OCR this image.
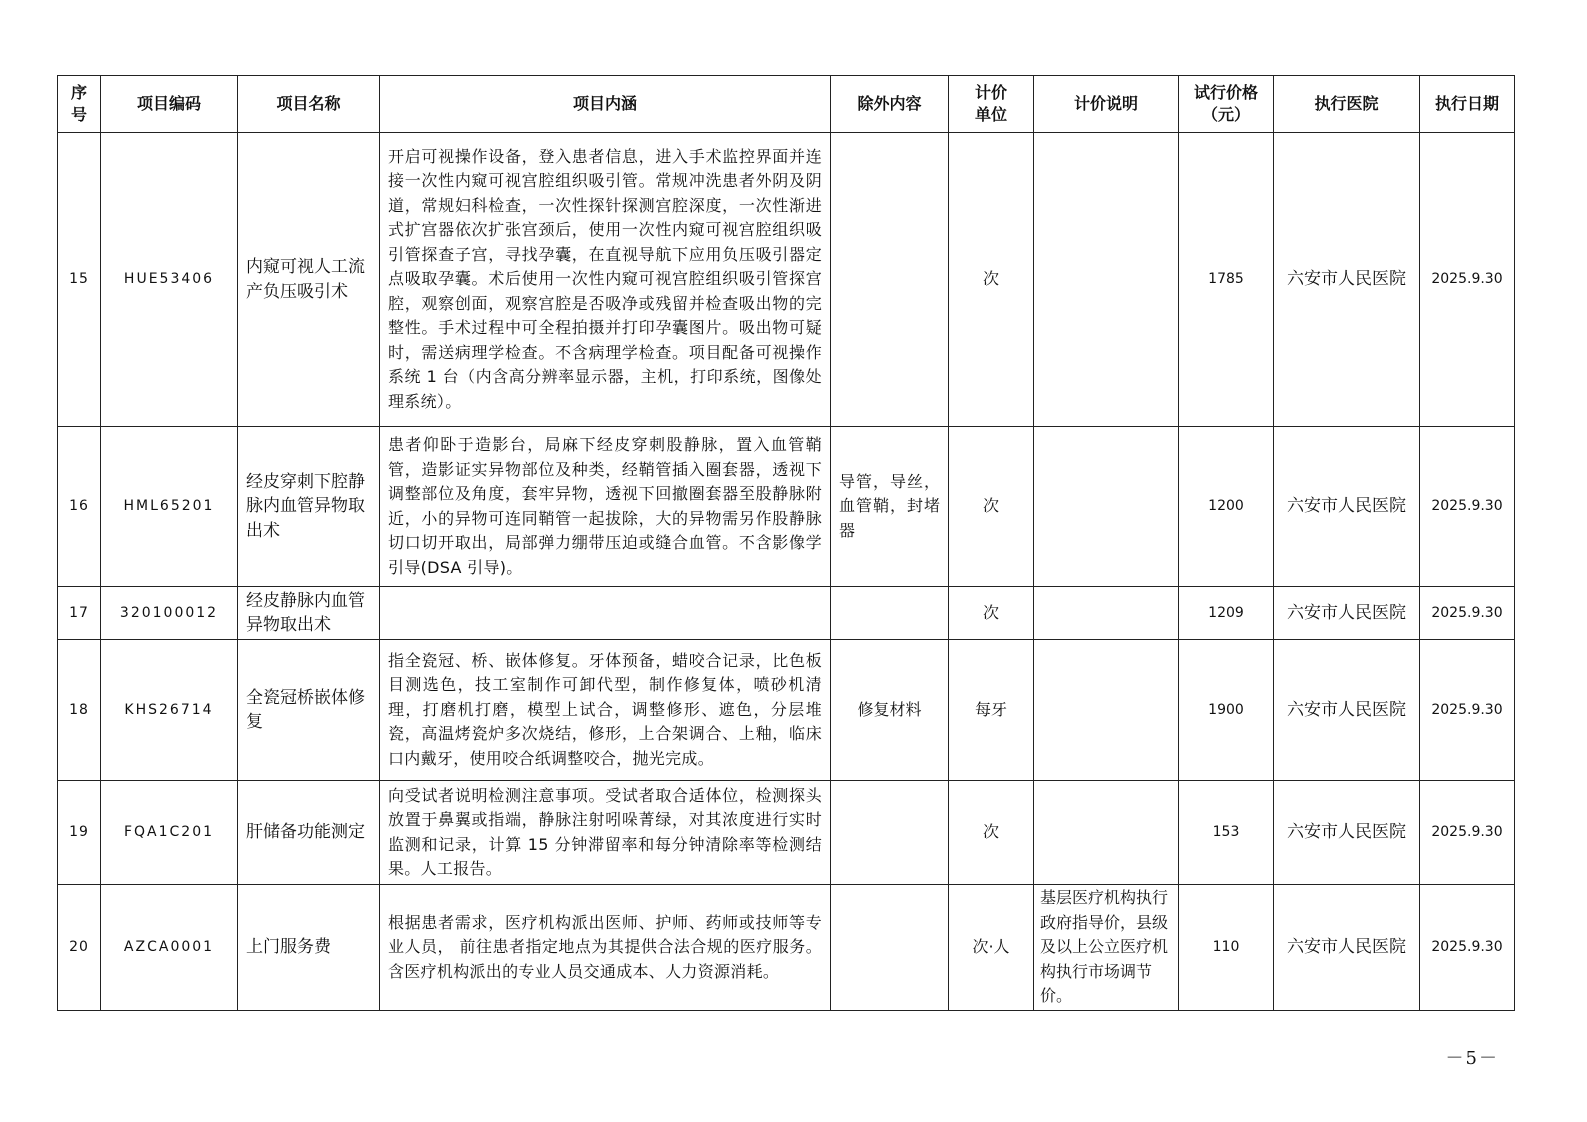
序号	项目编码	项目名称	项目内涵	除外内容	计价单位	计价说明	试行价格（元）	执行医院	执行日期
15	HUE53406	内窥可视人工流产负压吸引术	开启可视操作设备，登入患者信息，进入手术监控界面并连接一次性内窥可视宫腔组织吸引管。常规冲洗患者外阴及阴道，常规妇科检查，一次性探针探测宫腔深度，一次性渐进式扩宫器依次扩张宫颈后，使用一次性内窥可视宫腔组织吸引管探查子宫，寻找孕囊，在直视导航下应用负压吸引器定点吸取孕囊。术后使用一次性内窥可视宫腔组织吸引管探宫腔，观察创面，观察宫腔是否吸净或残留并检查吸出物的完整性。手术过程中可全程拍摄并打印孕囊图片。吸出物可疑时，需送病理学检查。不含病理学检查。项目配备可视操作系统 1 台（内含高分辨率显示器，主机，打印系统，图像处理系统）。		次		1785	六安市人民医院	2025.9.30
16	HML65201	经皮穿刺下腔静脉内血管异物取出术	患者仰卧于造影台，局麻下经皮穿刺股静脉，置入血管鞘管，造影证实异物部位及种类，经鞘管插入圈套器，透视下调整部位及角度，套牢异物，透视下回撤圈套器至股静脉附近，小的异物可连同鞘管一起拔除，大的异物需另作股静脉切口切开取出，局部弹力绷带压迫或缝合血管。不含影像学引导(DSA 引导)。	导管，导丝，血管鞘，封堵器	次		1200	六安市人民医院	2025.9.30
17	320100012	经皮静脉内血管异物取出术			次		1209	六安市人民医院	2025.9.30
18	KHS26714	全瓷冠桥嵌体修复	指全瓷冠、桥、嵌体修复。牙体预备，蜡咬合记录，比色板目测选色，技工室制作可卸代型，制作修复体，喷砂机清理，打磨机打磨，模型上试合，调整修形、遮色，分层堆瓷，高温烤瓷炉多次烧结，修形，上合架调合、上釉，临床口内戴牙，使用咬合纸调整咬合，抛光完成。	修复材料	每牙		1900	六安市人民医院	2025.9.30
19	FQA1C201	肝储备功能测定	向受试者说明检测注意事项。受试者取合适体位，检测探头放置于鼻翼或指端，静脉注射吲哚菁绿，对其浓度进行实时监测和记录，计算 15 分钟滞留率和每分钟清除率等检测结果。人工报告。		次		153	六安市人民医院	2025.9.30
20	AZCA0001	上门服务费	根据患者需求，医疗机构派出医师、护师、药师或技师等专业人员， 前往患者指定地点为其提供合法合规的医疗服务。含医疗机构派出的专业人员交通成本、人力资源消耗。		次·人	基层医疗机构执行政府指导价，县级及以上公立医疗机构执行市场调节价。	110	六安市人民医院	2025.9.30
－5－
